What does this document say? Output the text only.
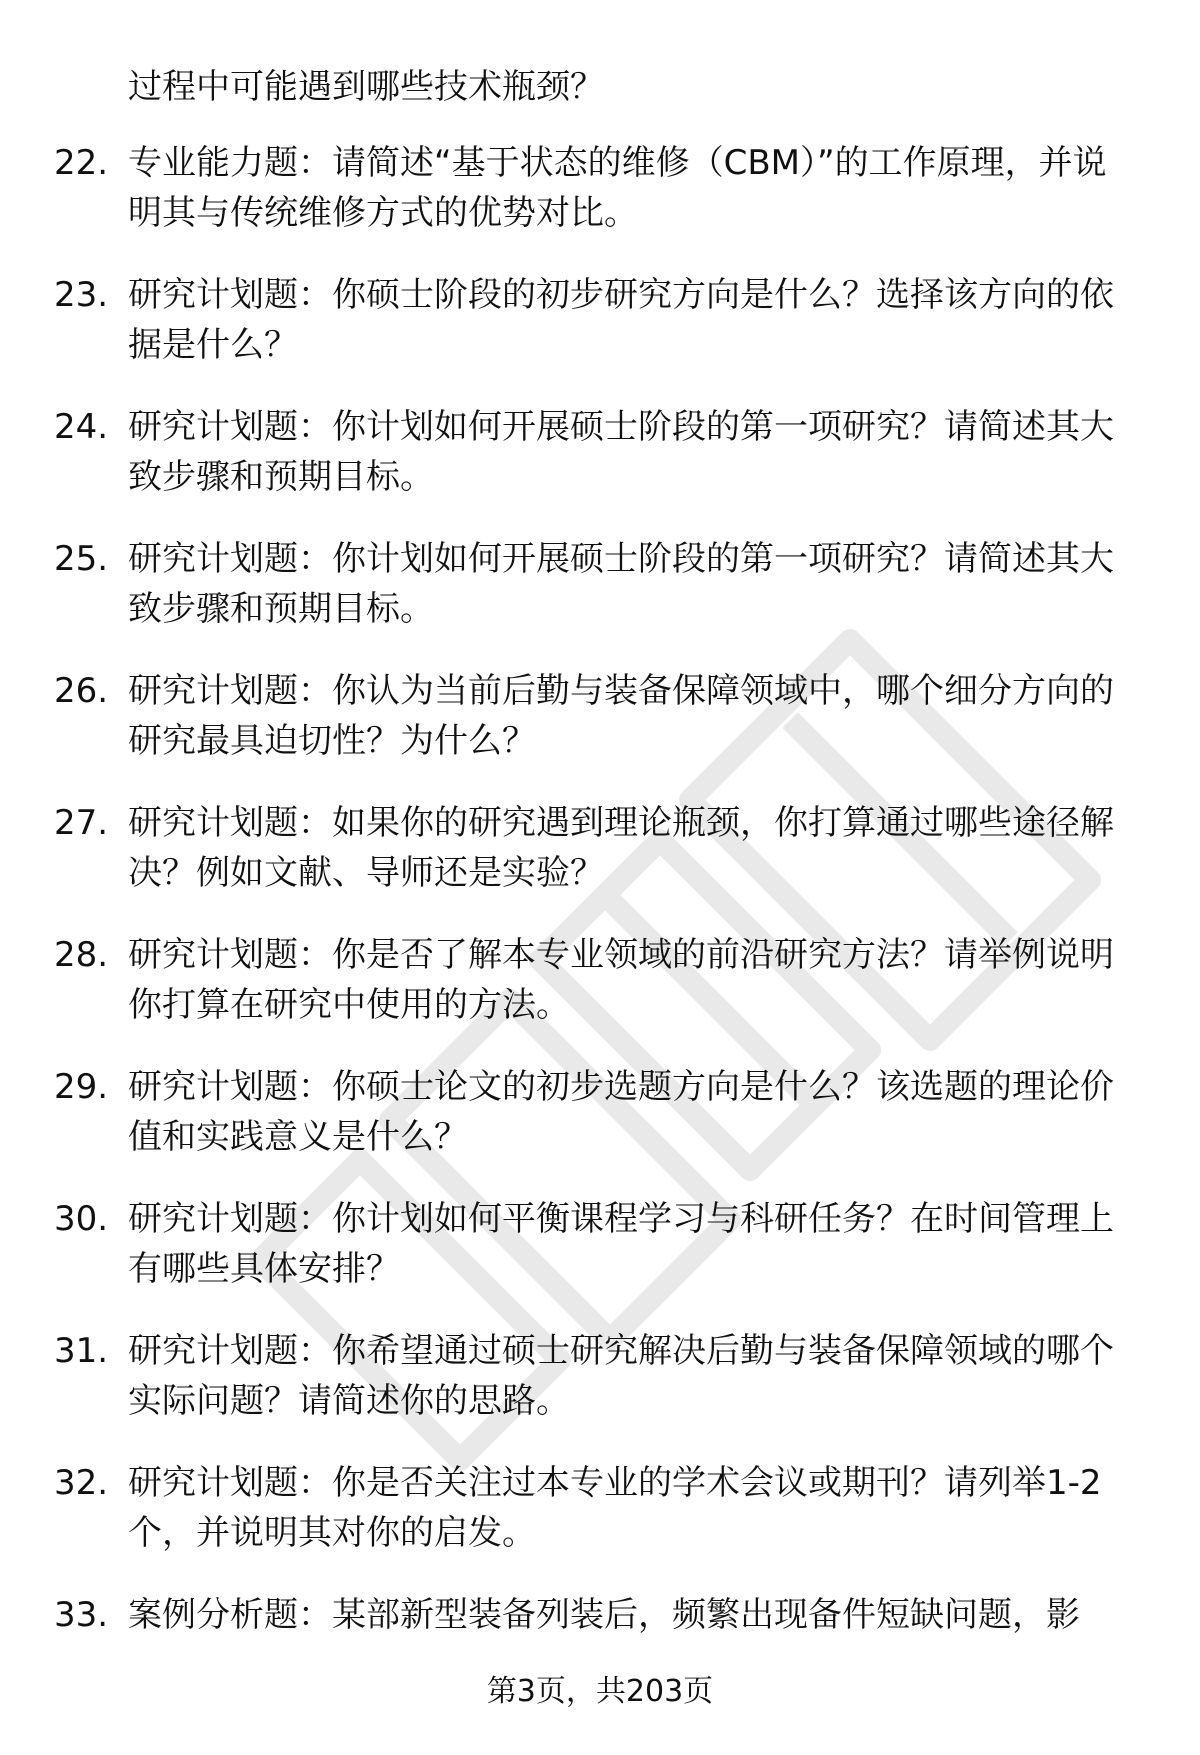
过程中可能遇到哪些技术瓶颈？

22. 专业能力题：请简述“基于状态的维修（CBM）”的工作原理，并说明其与传统维修方式的优势对比。
23. 研究计划题：你硕士阶段的初步研究方向是什么？选择该方向的依据是什么？
24. 研究计划题：你计划如何开展硕士阶段的第一项研究？请简述其大致步骤和预期目标。
25. 研究计划题：你计划如何开展硕士阶段的第一项研究？请简述其大致步骤和预期目标。
26. 研究计划题：你认为当前后勤与装备保障领域中，哪个细分方向的研究最具迫切性？为什么？
27. 研究计划题：如果你的研究遇到理论瓶颈，你打算通过哪些途径解决？例如文献、导师还是实验？
28. 研究计划题：你是否了解本专业领域的前沿研究方法？请举例说明你打算在研究中使用的方法。
29. 研究计划题：你硕士论文的初步选题方向是什么？该选题的理论价值和实践意义是什么？
30. 研究计划题：你计划如何平衡课程学习与科研任务？在时间管理上有哪些具体安排？
31. 研究计划题：你希望通过硕士研究解决后勤与装备保障领域的哪个实际问题？请简述你的思路。
32. 研究计划题：你是否关注过本专业的学术会议或期刊？请列举1-2个，并说明其对你的启发。
33. 案例分析题：某部新型装备列装后，频繁出现备件短缺问题，影
第3页，共203页
